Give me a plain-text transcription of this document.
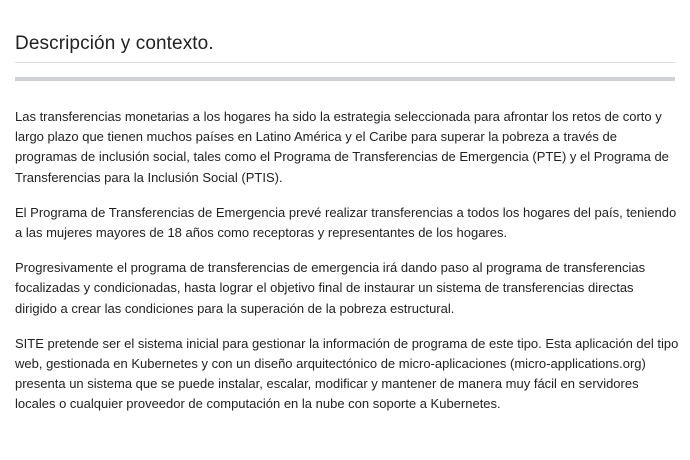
Descripción y contexto.

Las transferencias monetarias a los hogares ha sido la estrategia seleccionada para afrontar los retos de corto y largo plazo que tienen muchos países en Latino América y el Caribe para superar la pobreza a través de programas de inclusión social, tales como el Programa de Transferencias de Emergencia (PTE) y el Programa de Transferencias para la Inclusión Social (PTIS).

El Programa de Transferencias de Emergencia prevé realizar transferencias a todos los hogares del país, teniendo a las mujeres mayores de 18 años como receptoras y representantes de los hogares.

Progresivamente el programa de transferencias de emergencia irá dando paso al programa de transferencias focalizadas y condicionadas, hasta lograr el objetivo final de instaurar un sistema de transferencias directas dirigido a crear las condiciones para la superación de la pobreza estructural.

SITE pretende ser el sistema inicial para gestionar la información de programa de este tipo. Esta aplicación del tipo web, gestionada en Kubernetes y con un diseño arquitectónico de micro-aplicaciones (micro-applications.org) presenta un sistema que se puede instalar, escalar, modificar y mantener de manera muy fácil en servidores locales o cualquier proveedor de computación en la nube con soporte a Kubernetes.
